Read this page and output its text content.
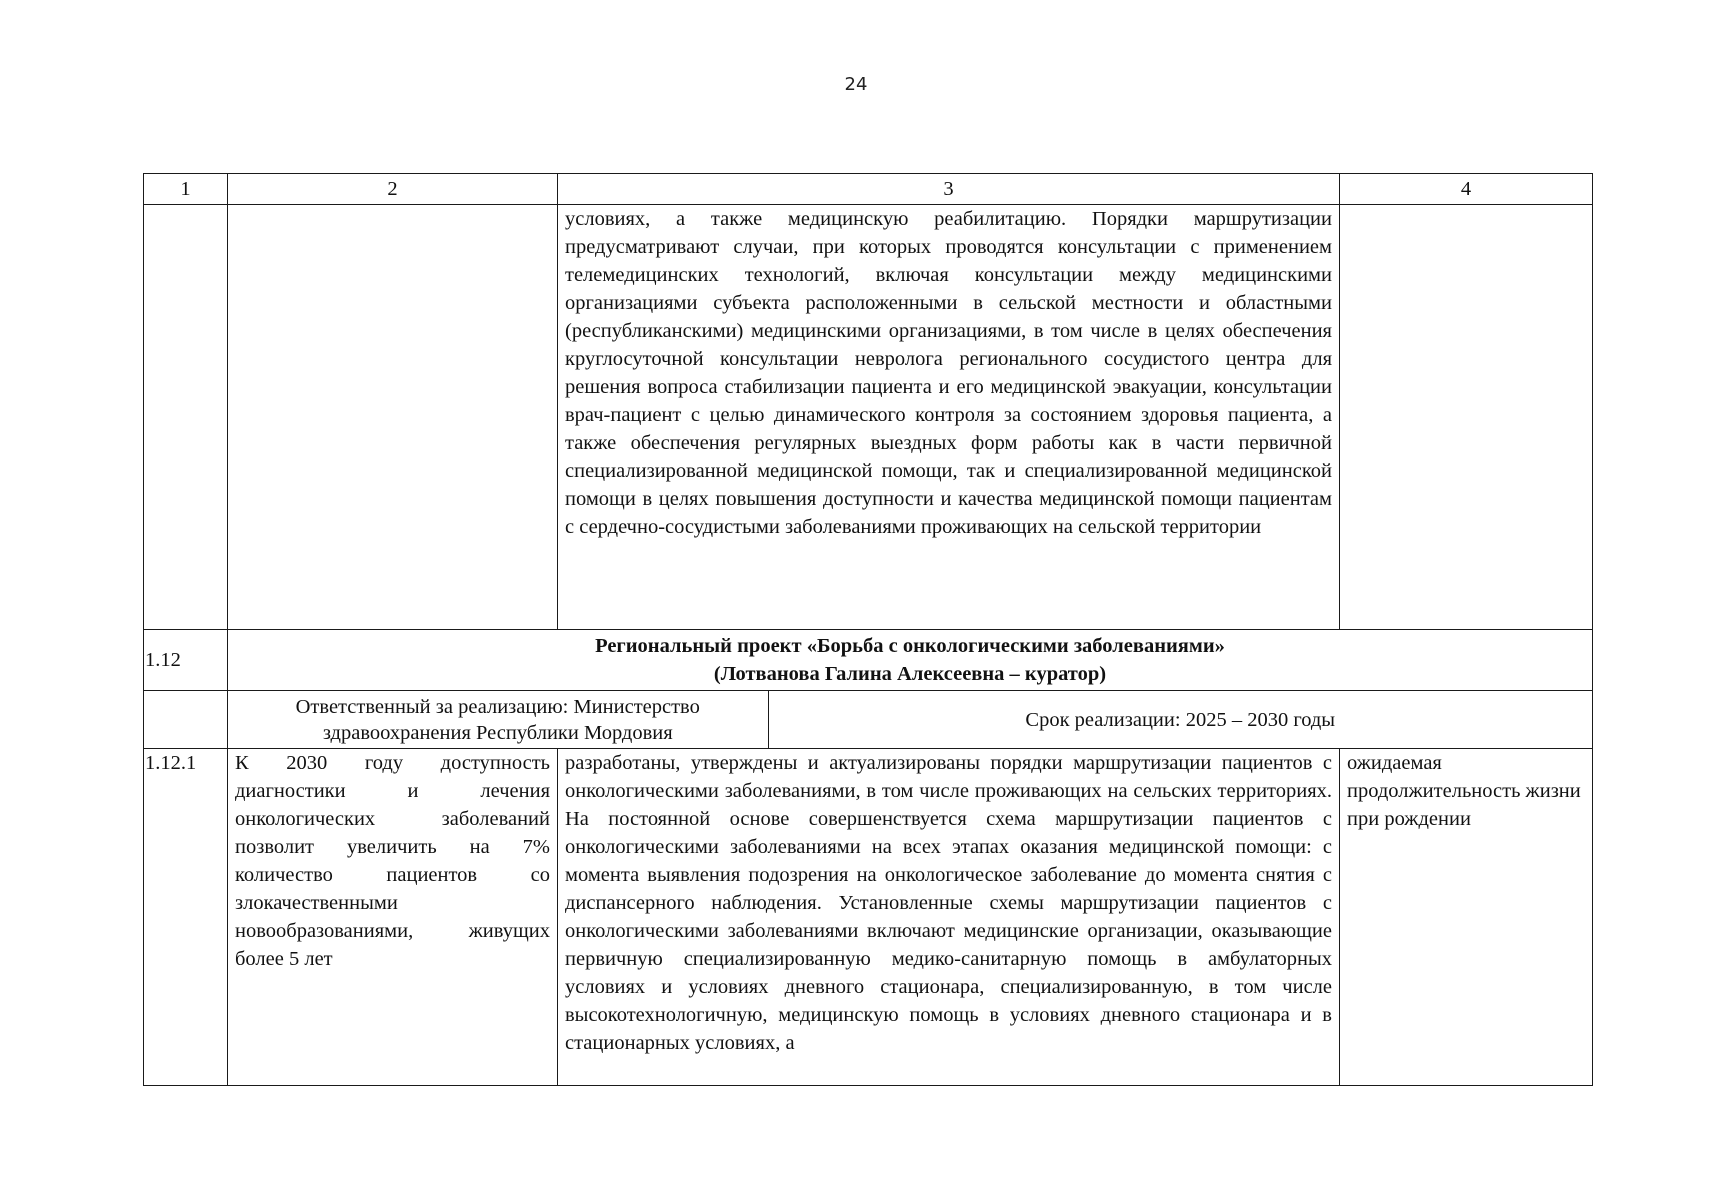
24
1	2	3	4
		условиях, а также медицинскую реабилитацию. Порядки маршрутизации предусматривают случаи, при которых проводятся консультации с применением телемедицинских технологий, включая консультации между медицинскими организациями субъекта расположенными в сельской местности и областными (республиканскими) медицинскими организациями, в том числе в целях обеспечения круглосуточной консультации невролога регионального сосудистого центра для решения вопроса стабилизации пациента и его медицинской эвакуации, консультации врач-пациент с целью динамического контроля за состоянием здоровья пациента, а также обеспечения регулярных выездных форм работы как в части первичной специализированной медицинской помощи, так и специализированной медицинской помощи в целях повышения доступности и качества медицинской помощи пациентам с сердечно-сосудистыми заболеваниями проживающих на сельской территории	
1.12	
Региональный проект «Борьба с онкологическими заболеваниями»
(Лотванова Галина Алексеевна – куратор)

Ответственный за реализацию: Министерство здравоохранения Республики Мордовия	Срок реализации: 2025 – 2030 годы

1.12.1	К 2030 году доступность диагностики и лечения онкологических заболеваний позволит увеличить на 7% количество пациентов со злокачественными новообразованиями, живущих более 5 лет	разработаны, утверждены и актуализированы порядки маршрутизации пациентов с онкологическими заболеваниями, в том числе проживающих на сельских территориях. На постоянной основе совершенствуется схема маршрутизации пациентов с онкологическими заболеваниями на всех этапах оказания медицинской помощи: с момента выявления подозрения на онкологическое заболевание до момента снятия с диспансерного наблюдения. Установленные схемы маршрутизации пациентов с онкологическими заболеваниями включают медицинские организации, оказывающие первичную специализированную медико-санитарную помощь в амбулаторных условиях и условиях дневного стационара, специализированную, в том числе высокотехнологичную, медицинскую помощь в условиях дневного стационара и в стационарных условиях, а	ожидаемая продолжительность жизни при рождении
